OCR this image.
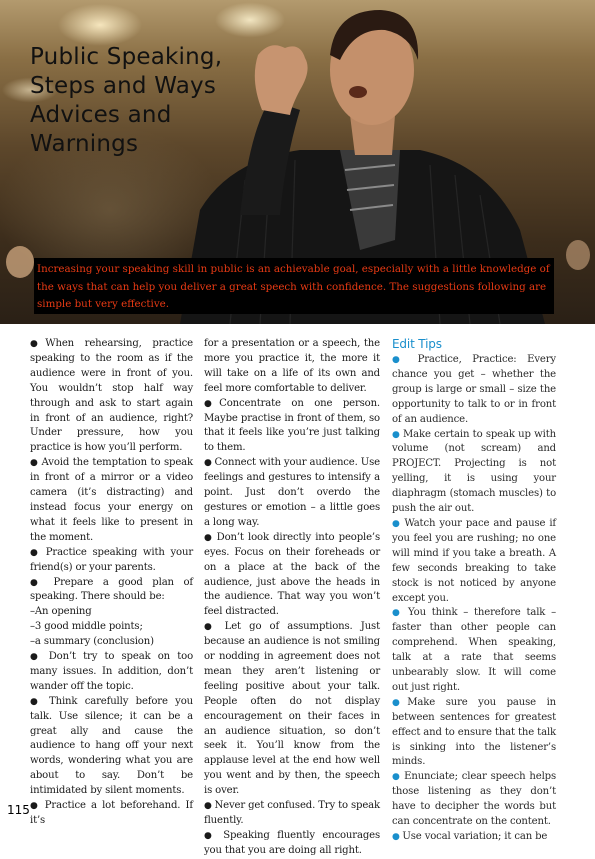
Public Speaking,
Steps and Ways
Advices and
Warnings
Increasing your speaking skill in public is an achievable goal, especially with a little knowledge of the ways that can help you deliver a great speech with confidence. The suggestions following are simple but very effective.

●When rehearsing, practice speaking to the room as if the audience were in front of you. You wouldn’t stop half way through and ask to start again in front of an audience, right? Under pressure, how you practice is how you’ll perform.

● Avoid the temptation to speak in front of a mirror or a video camera (it’s distracting) and instead focus your energy on what it feels like to present in the moment.

● Practice speaking with your friend(s) or your parents.

● Prepare a good plan of speaking. There should be:

–An opening

–3 good middle points;

–a summary (conclusion)

● Don’t try to speak on too many issues. In addition, don’t wander off the topic.

● Think carefully before you talk. Use silence; it can be a great ally and cause the audience to hang off your next words, wondering what you are about to say. Don’t be intimidated by silent moments.

● Practice a lot beforehand. If it’s

for a presentation or a speech, the more you practice it, the more it will take on a life of its own and feel more comfortable to deliver.

●Concentrate on one person. Maybe practise in front of them, so that it feels like you’re just talking to them.

● Connect with your audience. Use feelings and gestures to intensify a point. Just don’t overdo the gestures or emotion – a little goes a long way.

● Don’t look directly into people’s eyes. Focus on their foreheads or on a place at the back of the audience, just above the heads in the audience. That way you won’t feel distracted.

● Let go of assumptions. Just because an audience is not smiling or nodding in agreement does not mean they aren’t listening or feeling positive about your talk. People often do not display encouragement on their faces in an audience situation, so don’t seek it. You’ll know from the applause level at the end how well you went and by then, the speech is over.

● Never get confused. Try to speak fluently.

● Speaking fluently encourages you that you are doing all right.

Edit Tips

● Practice, Practice: Every chance you get – whether the group is large or small – size the opportunity to talk to or in front of an audience.

● Make certain to speak up with volume (not scream) and PROJECT. Projecting is not yelling, it is using your diaphragm (stomach muscles) to push the air out.

● Watch your pace and pause if you feel you are rushing; no one will mind if you take a breath. A few seconds breaking to take stock is not noticed by anyone except you.

● You think – therefore talk – faster than other people can comprehend. When speaking, talk at a rate that seems unbearably slow. It will come out just right.

●Make sure you pause in between sentences for greatest effect and to ensure that the talk is sinking into the listener’s minds.

● Enunciate; clear speech helps those listening as they don’t have to decipher the words but can concentrate on the content.

● Use vocal variation; it can be

115
